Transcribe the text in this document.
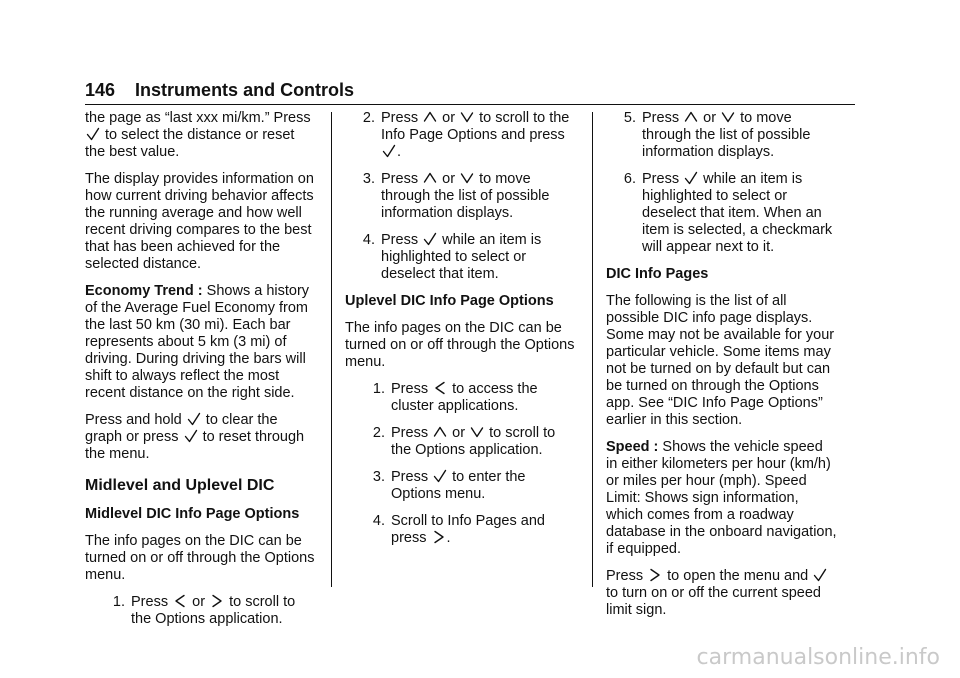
146 Instruments and Controls

the page as “last xxx mi/km.” Press
to select the distance or reset the best value.

The display provides information on how current driving behavior affects the running average and how well recent driving compares to the best that has been achieved for the selected distance.

Economy Trend : Shows a history of the Average Fuel Economy from the last 50 km (30 mi). Each bar represents about 5 km (3 mi) of driving. During driving the bars will shift to always reflect the most recent distance on the right side.

Press and hold to clear the graph or press to reset through the menu.

Midlevel and Uplevel DIC
Midlevel DIC Info Page Options

The info pages on the DIC can be turned on or off through the Options menu.

1. Press or to scroll to the Options application.
2. Press or to scroll to the Info Page Options and press
.
3. Press or to move through the list of possible information displays.
4. Press while an item is highlighted to select or deselect that item.
Uplevel DIC Info Page Options

The info pages on the DIC can be turned on or off through the Options menu.

1. Press to access the cluster applications.
2. Press or to scroll to the Options application.
3. Press to enter the Options menu.
4. Scroll to Info Pages and press .
5. Press or to move through the list of possible information displays.
6. Press while an item is highlighted to select or deselect that item. When an item is selected, a checkmark will appear next to it.
DIC Info Pages

The following is the list of all possible DIC info page displays. Some may not be available for your particular vehicle. Some items may not be turned on by default but can be turned on through the Options app. See “DIC Info Page Options” earlier in this section.

Speed : Shows the vehicle speed in either kilometers per hour (km/h) or miles per hour (mph). Speed Limit: Shows sign information, which comes from a roadway database in the onboard navigation, if equipped.

Press to open the menu and
to turn on or off the current speed limit sign.

carmanualsonline.info
